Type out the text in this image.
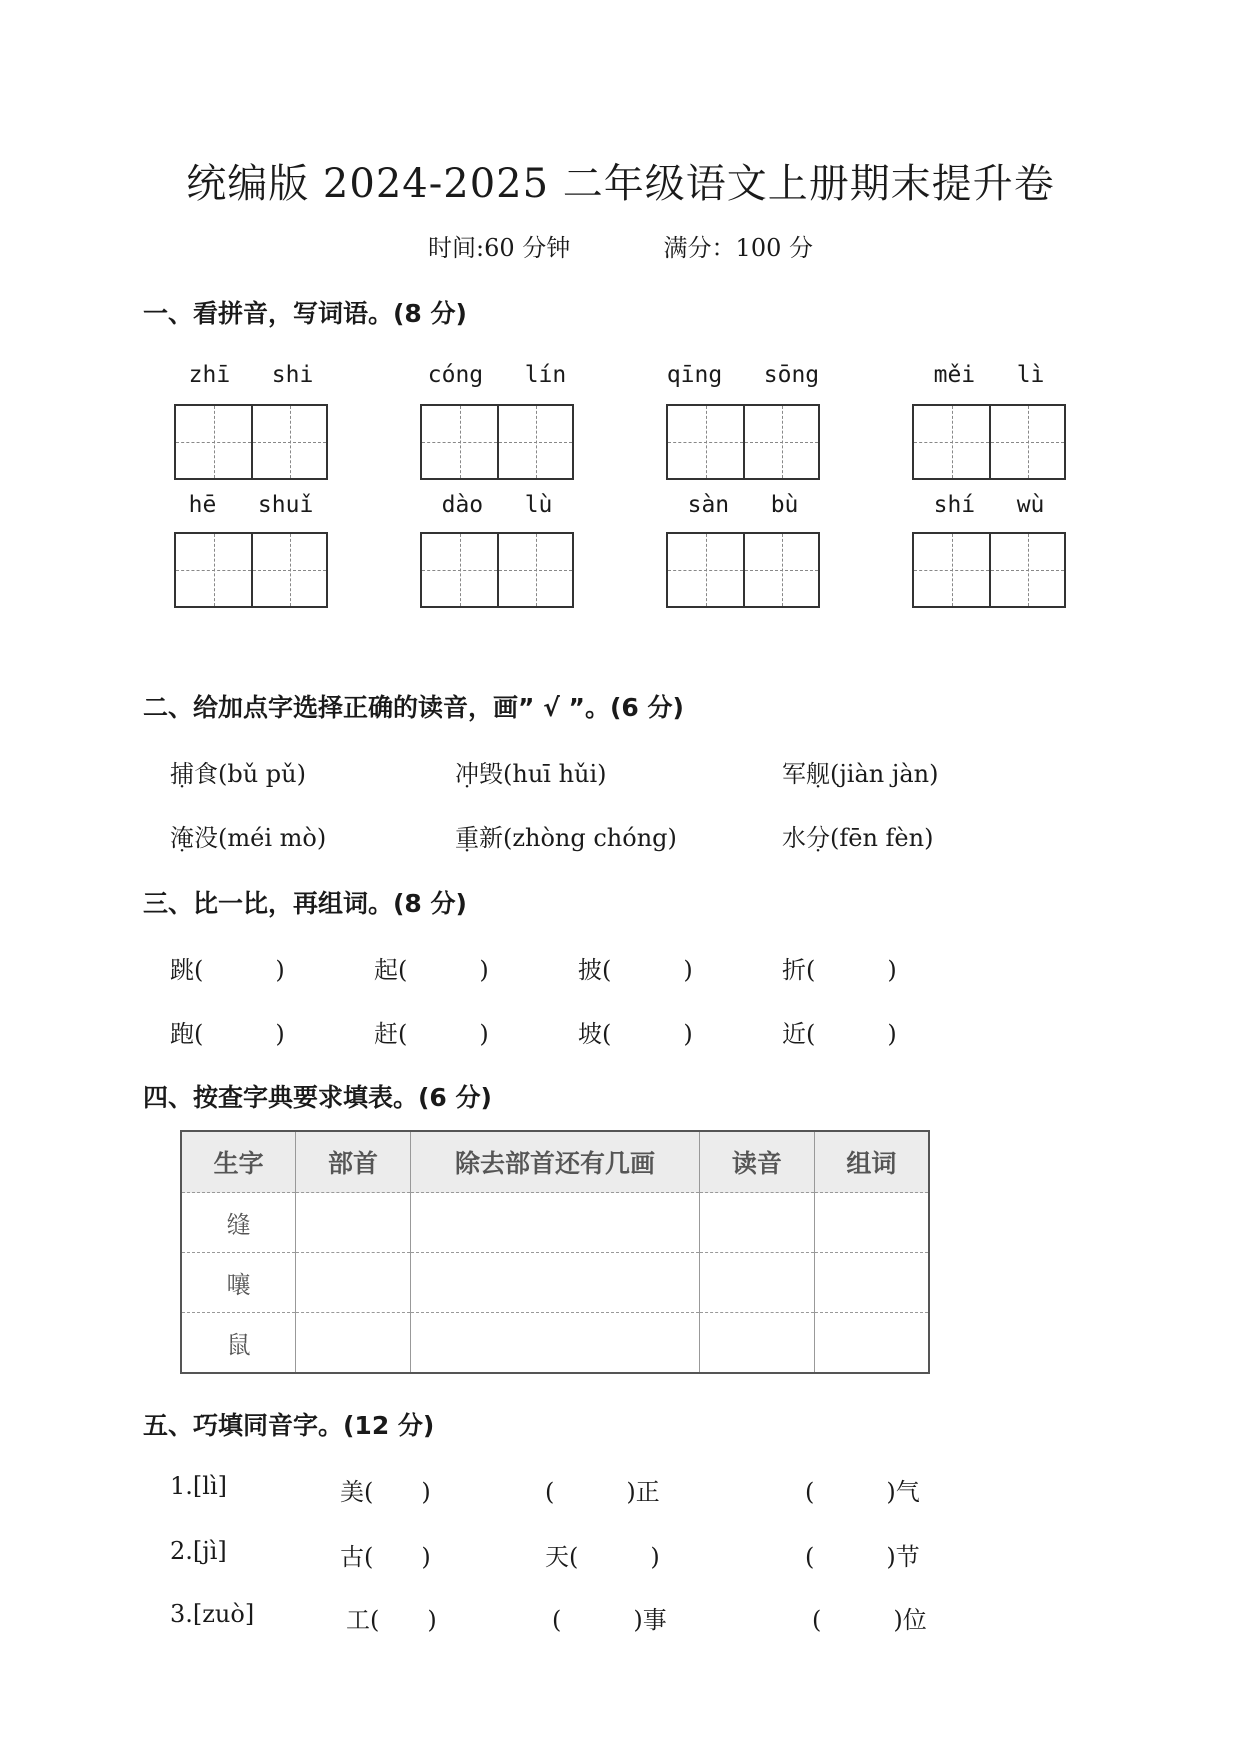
统编版 2024-2025 二年级语文上册期末提升卷
时间:60 分钟	满分：100 分
一、看拼音，写词语。(8 分)
zhī shi	cóng lín	qīng sōng	měi lì
hē shuǐ	dào lù	sàn bù	shí wù
二、给加点字选择正确的读音，画” √ ”。(6 分)
捕食(bǔ pǔ)	冲毁(huī hǔi)	军舰(jiàn jàn)
淹没(méi mò)	重新(zhòng chóng)	水分(fēn fèn)
三、比一比，再组词。(8 分)
跳(　　　)	起(　　　)	披(　　　)	折(　　　)
跑(　　　)	赶(　　　)	坡(　　　)	近(　　　)
四、按查字典要求填表。(6 分)
生字	部首	除去部首还有几画	读音	组词
缝				
嚷				
鼠				
五、巧填同音字。(12 分)
1.[lì]	美(　　)	(　　　)正	(　　　)气
2.[jì]	古(　　)	天(　　　)	(　　　)节
3.[zuò]	工(　　)	(　　　)事	(　　　)位
